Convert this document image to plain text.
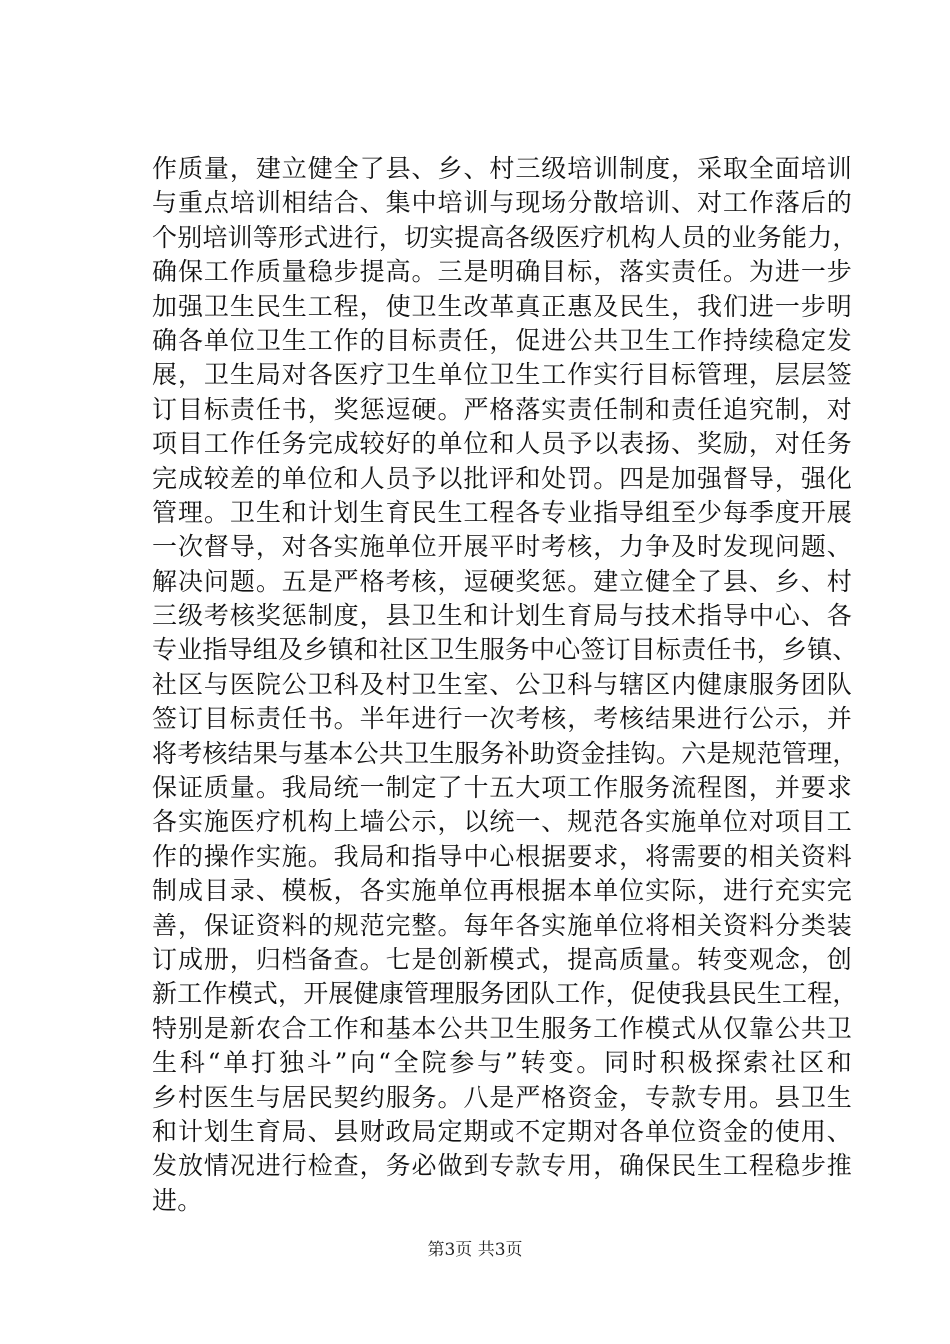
作质量，建立健全了县、乡、村三级培训制度，采取全面培训
与重点培训相结合、集中培训与现场分散培训、对工作落后的
个别培训等形式进行，切实提高各级医疗机构人员的业务能力，
确保工作质量稳步提高。三是明确目标，落实责任。为进一步
加强卫生民生工程，使卫生改革真正惠及民生，我们进一步明
确各单位卫生工作的目标责任，促进公共卫生工作持续稳定发
展，卫生局对各医疗卫生单位卫生工作实行目标管理，层层签
订目标责任书，奖惩逗硬。严格落实责任制和责任追究制，对
项目工作任务完成较好的单位和人员予以表扬、奖励，对任务
完成较差的单位和人员予以批评和处罚。四是加强督导，强化
管理。卫生和计划生育民生工程各专业指导组至少每季度开展
一次督导，对各实施单位开展平时考核，力争及时发现问题、
解决问题。五是严格考核，逗硬奖惩。建立健全了县、乡、村
三级考核奖惩制度，县卫生和计划生育局与技术指导中心、各
专业指导组及乡镇和社区卫生服务中心签订目标责任书，乡镇、
社区与医院公卫科及村卫生室、公卫科与辖区内健康服务团队
签订目标责任书。半年进行一次考核，考核结果进行公示，并
将考核结果与基本公共卫生服务补助资金挂钩。六是规范管理，
保证质量。我局统一制定了十五大项工作服务流程图，并要求
各实施医疗机构上墙公示，以统一、规范各实施单位对项目工
作的操作实施。我局和指导中心根据要求，将需要的相关资料
制成目录、模板，各实施单位再根据本单位实际，进行充实完
善，保证资料的规范完整。每年各实施单位将相关资料分类装
订成册，归档备查。七是创新模式，提高质量。转变观念，创
新工作模式，开展健康管理服务团队工作，促使我县民生工程，
特别是新农合工作和基本公共卫生服务工作模式从仅靠公共卫
生科“单打独斗”向“全院参与”转变。同时积极探索社区和
乡村医生与居民契约服务。八是严格资金，专款专用。县卫生
和计划生育局、县财政局定期或不定期对各单位资金的使用、
发放情况进行检查，务必做到专款专用，确保民生工程稳步推
进。
第3页 共3页
